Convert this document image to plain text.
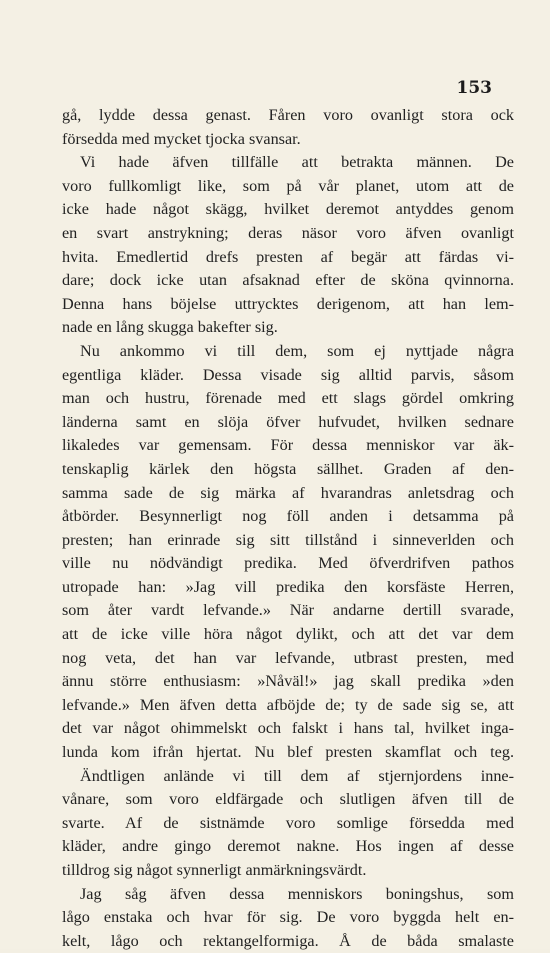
153
gå, lydde dessa genast. Fåren voro ovanligt stora ock
försedda med mycket tjocka svansar.
Vi hade äfven tillfälle att betrakta männen. De
voro fullkomligt like, som på vår planet, utom att de
icke hade något skägg, hvilket deremot antyddes genom
en svart anstrykning; deras näsor voro äfven ovanligt
hvita. Emedlertid drefs presten af begär att färdas vi-
dare; dock icke utan afsaknad efter de sköna qvinnorna.
Denna hans böjelse uttrycktes derigenom, att han lem-
nade en lång skugga bakefter sig.
Nu ankommo vi till dem, som ej nyttjade några
egentliga kläder. Dessa visade sig alltid parvis, såsom
man och hustru, förenade med ett slags gördel omkring
länderna samt en slöja öfver hufvudet, hvilken sednare
likaledes var gemensam. För dessa menniskor var äk-
tenskaplig kärlek den högsta sällhet. Graden af den-
samma sade de sig märka af hvarandras anletsdrag och
åtbörder. Besynnerligt nog föll anden i detsamma på
presten; han erinrade sig sitt tillstånd i sinneverlden och
ville nu nödvändigt predika. Med öfverdrifven pathos
utropade han: »Jag vill predika den korsfäste Herren,
som åter vardt lefvande.» När andarne dertill svarade,
att de icke ville höra något dylikt, och att det var dem
nog veta, det han var lefvande, utbrast presten, med
ännu större enthusiasm: »Nåväl!» jag skall predika »den
lefvande.» Men äfven detta afböjde de; ty de sade sig se, att
det var något ohimmelskt och falskt i hans tal, hvilket inga-
lunda kom ifrån hjertat. Nu blef presten skamflat och teg.
Ändtligen anlände vi till dem af stjernjordens inne-
vånare, som voro eldfärgade och slutligen äfven till de
svarte. Af de sistnämde voro somlige försedda med
kläder, andre gingo deremot nakne. Hos ingen af desse
tilldrog sig något synnerligt anmärkningsvärdt.
Jag såg äfven dessa menniskors boningshus, som
lågo enstaka och hvar för sig. De voro byggda helt en-
kelt, lågo och rektangelformiga. Å de båda smalaste
